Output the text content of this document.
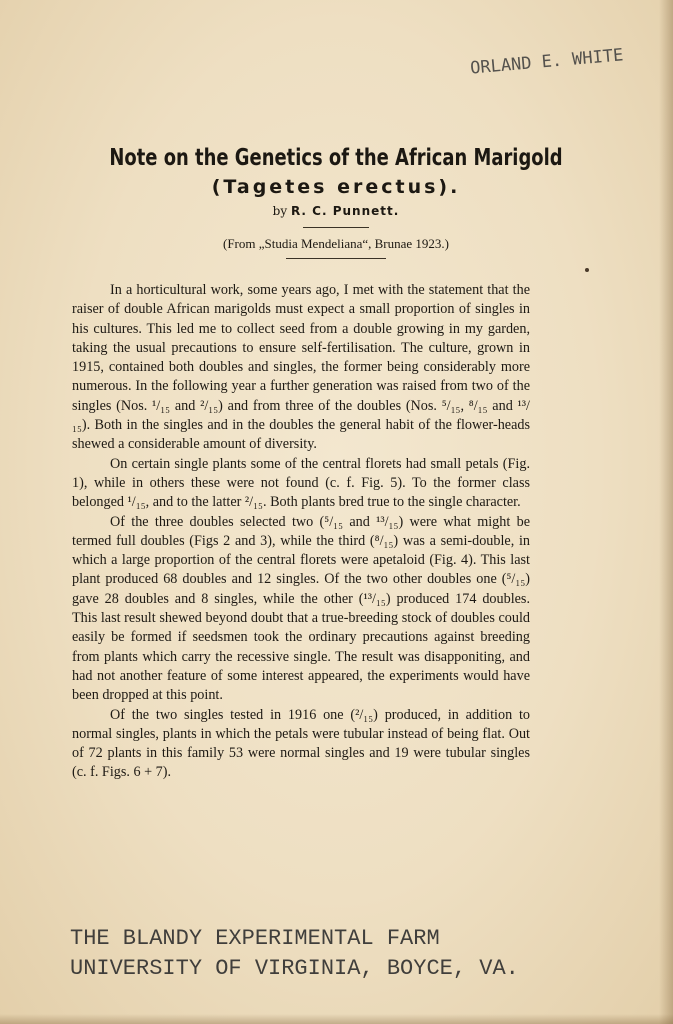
ORLAND E. WHITE
Note on the Genetics of the African Marigold
(Tagetes erectus).
by R. C. Punnett.
(From „Studia Mendeliana“, Brunae 1923.)

In a horticultural work, some years ago, I met with the statement that the raiser of double African marigolds must expect a small proportion of singles in his cultures. This led me to collect seed from a double growing in my garden, taking the usual precautions to ensure self-fertilisation. The culture, grown in 1915, contained both doubles and singles, the former being considerably more numerous. In the following year a further generation was raised from two of the singles (Nos. ¹/₁₅ and ²/₁₅) and from three of the doubles (Nos. ⁵/₁₅, ⁸/₁₅ and ¹³/₁₅). Both in the singles and in the doubles the general habit of the flower-heads shewed a considerable amount of diversity.

On certain single plants some of the central florets had small petals (Fig. 1), while in others these were not found (c. f. Fig. 5). To the former class belonged ¹/₁₅, and to the latter ²/₁₅. Both plants bred true to the single character.

Of the three doubles selected two (⁵/₁₅ and ¹³/₁₅) were what might be termed full doubles (Figs 2 and 3), while the third (⁸/₁₅) was a semi-double, in which a large proportion of the central florets were apetaloid (Fig. 4). This last plant produced 68 doubles and 12 singles. Of the two other doubles one (⁵/₁₅) gave 28 doubles and 8 singles, while the other (¹³/₁₅) produced 174 doubles. This last result shewed beyond doubt that a true-breeding stock of doubles could easily be formed if seedsmen took the ordinary precautions against breeding from plants which carry the recessive single. The result was disapponiting, and had not another feature of some interest appeared, the experiments would have been dropped at this point.

Of the two singles tested in 1916 one (²/₁₅) produced, in addition to normal singles, plants in which the petals were tubular instead of being flat. Out of 72 plants in this family 53 were normal singles and 19 were tubular singles (c. f. Figs. 6 + 7).

THE BLANDY EXPERIMENTAL FARM
UNIVERSITY OF VIRGINIA, BOYCE, VA.
